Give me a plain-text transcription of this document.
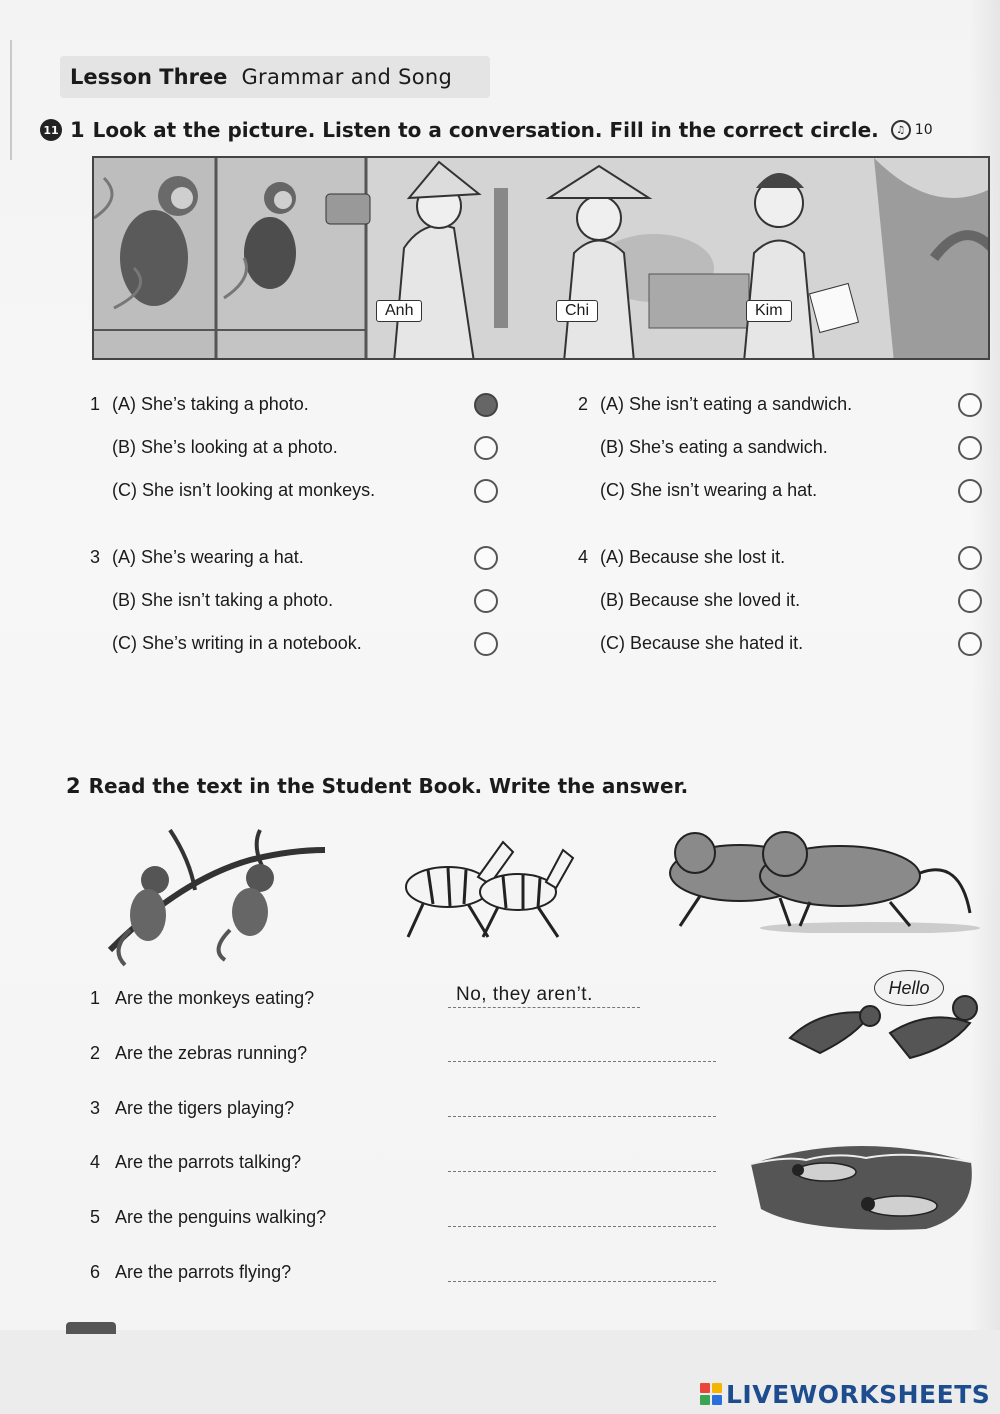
Lesson Three Grammar and Song
11 1 Look at the picture. Listen to a conversation. Fill in the correct circle.	♫ 10
Anh	Chi	Kim
1 (A) She’s taking a photo.
(B) She’s looking at a photo.
(C) She isn’t looking at monkeys.
2 (A) She isn’t eating a sandwich.
(B) She’s eating a sandwich.
(C) She isn’t wearing a hat.
3 (A) She’s wearing a hat.
(B) She isn’t taking a photo.
(C) She’s writing in a notebook.
4 (A) Because she lost it.
(B) Because she loved it.
(C) Because she hated it.
2 Read the text in the Student Book. Write the answer.
Hello
1 Are the monkeys eating?	No, they aren’t.
2 Are the zebras running?
3 Are the tigers playing?
4 Are the parrots talking?
5 Are the penguins walking?
6 Are the parrots flying?
LIVEWORKSHEETS
